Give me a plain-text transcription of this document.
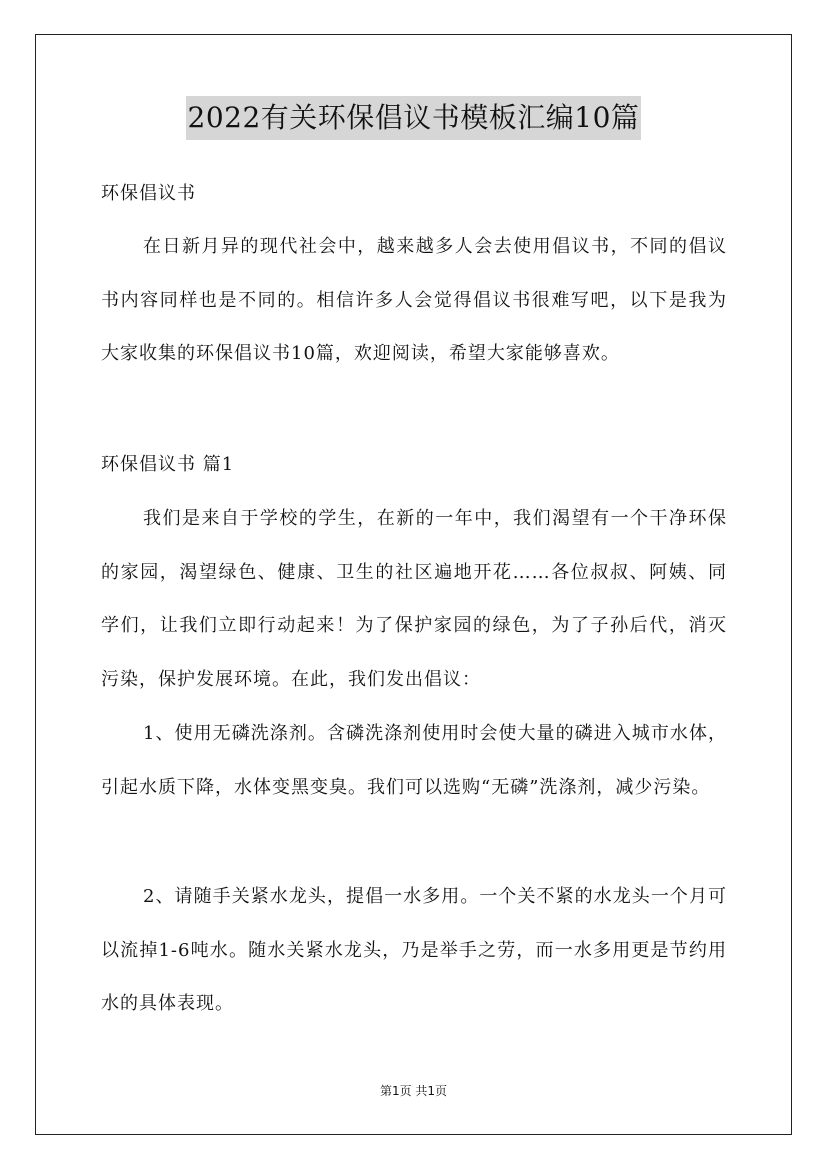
2022有关环保倡议书模板汇编10篇
环保倡议书

在日新月异的现代社会中，越来越多人会去使用倡议书，不同的倡议书内容同样也是不同的。相信许多人会觉得倡议书很难写吧，以下是我为大家收集的环保倡议书10篇，欢迎阅读，希望大家能够喜欢。

环保倡议书 篇1

我们是来自于学校的学生，在新的一年中，我们渴望有一个干净环保的家园，渴望绿色、健康、卫生的社区遍地开花……各位叔叔、阿姨、同学们，让我们立即行动起来！为了保护家园的绿色，为了子孙后代，消灭污染，保护发展环境。在此，我们发出倡议：

1、使用无磷洗涤剂。含磷洗涤剂使用时会使大量的磷进入城市水体，引起水质下降，水体变黑变臭。我们可以选购“无磷”洗涤剂，减少污染。

2、请随手关紧水龙头，提倡一水多用。一个关不紧的水龙头一个月可以流掉1-6吨水。随水关紧水龙头，乃是举手之劳，而一水多用更是节约用水的具体表现。

第1页 共1页
